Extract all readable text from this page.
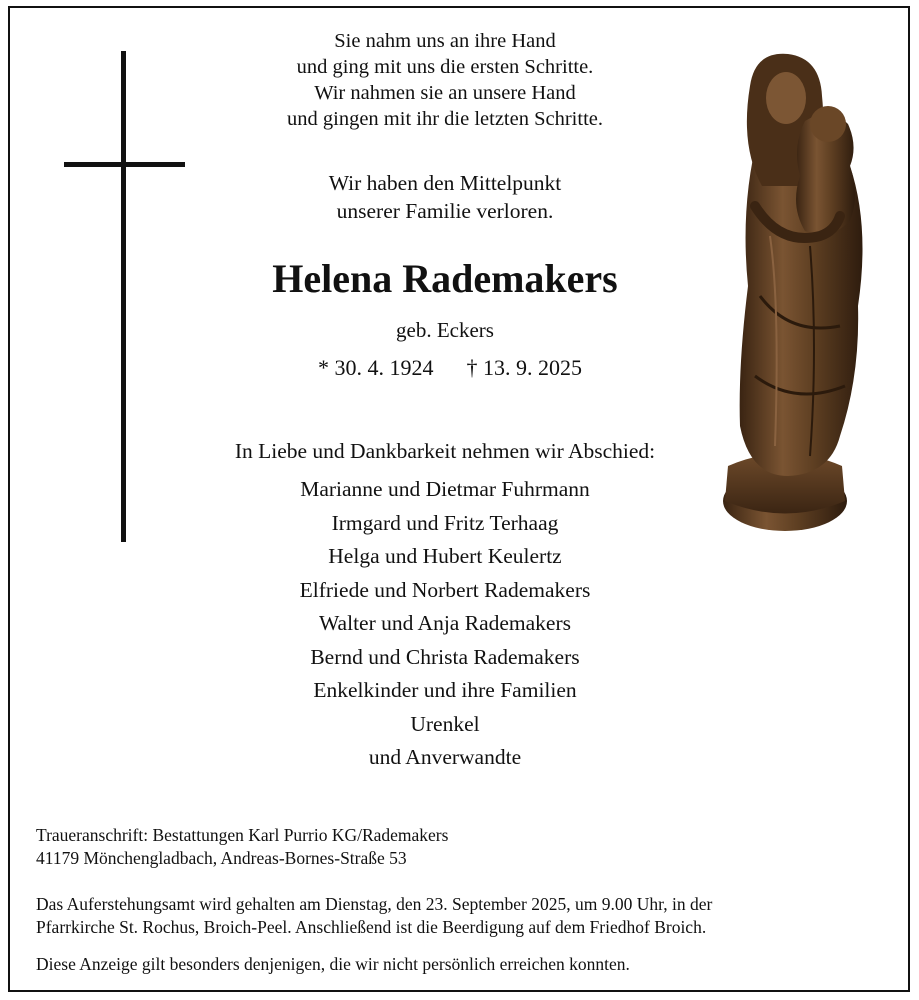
Sie nahm uns an ihre Hand
und ging mit uns die ersten Schritte.
Wir nahmen sie an unsere Hand
und gingen mit ihr die letzten Schritte.
Wir haben den Mittelpunkt
unserer Familie verloren.
Helena Rademakers
geb. Eckers
* 30. 4. 1924      † 13. 9. 2025
In Liebe und Dankbarkeit nehmen wir Abschied:
Marianne und Dietmar Fuhrmann
Irmgard und Fritz Terhaag
Helga und Hubert Keulertz
Elfriede und Norbert Rademakers
Walter und Anja Rademakers
Bernd und Christa Rademakers
Enkelkinder und ihre Familien
Urenkel
und Anverwandte
Traueranschrift: Bestattungen Karl Purrio KG/Rademakers
41179 Mönchengladbach, Andreas-Bornes-Straße 53
Das Auferstehungsamt wird gehalten am Dienstag, den 23. September 2025, um 9.00 Uhr, in der
Pfarrkirche St. Rochus, Broich-Peel. Anschließend ist die Beerdigung auf dem Friedhof Broich.
Diese Anzeige gilt besonders denjenigen, die wir nicht persönlich erreichen konnten.
